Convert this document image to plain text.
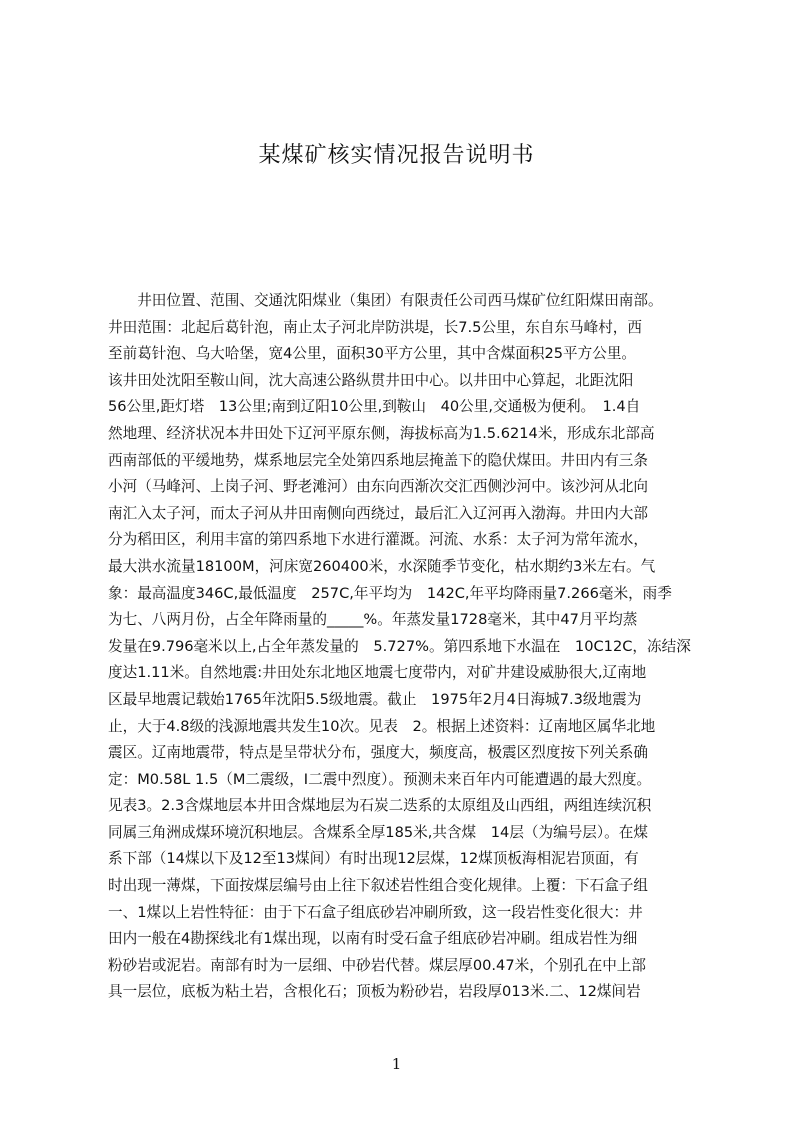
某煤矿核实情况报告说明书
　　井田位置、范围、交通沈阳煤业（集团）有限责任公司西马煤矿位红阳煤田南部。
井田范围：北起后葛针泡，南止太子河北岸防洪堤，长7.5公里，东自东马峰村，西
至前葛针泡、乌大哈堡，宽4公里，面积30平方公里，其中含煤面积25平方公里。
该井田处沈阳至鞍山间，沈大高速公路纵贯井田中心。以井田中心算起，北距沈阳
56公里,距灯塔　13公里;南到辽阳10公里,到鞍山　40公里,交通极为便利。　1.4自
然地理、经济状况本井田处下辽河平原东侧，海拔标高为1.5.6214米，形成东北部高
西南部低的平缓地势，煤系地层完全处第四系地层掩盖下的隐伏煤田。井田内有三条
小河（马峰河、上岗子河、野老滩河）由东向西渐次交汇西侧沙河中。该沙河从北向
南汇入太子河，而太子河从井田南侧向西绕过，最后汇入辽河再入渤海。井田内大部
分为稻田区，利用丰富的第四系地下水进行灌溉。河流、水系：太子河为常年流水，
最大洪水流量18100M，河床宽260400米，水深随季节变化，枯水期约3米左右。气
象：最高温度346C,最低温度　257C,年平均为　142C,年平均降雨量7.266毫米，雨季
为七、八两月份，占全年降雨量的_____%。年蒸发量1728毫米，其中47月平均蒸
发量在9.796毫米以上,占全年蒸发量的　5.727%。第四系地下水温在　10C12C，冻结深
度达1.11米。自然地震:井田处东北地区地震七度带内，对矿井建设威胁很大,辽南地
区最早地震记载始1765年沈阳5.5级地震。截止　1975年2月4日海城7.3级地震为
止，大于4.8级的浅源地震共发生10次。见表　2。根据上述资料：辽南地区属华北地
震区。辽南地震带，特点是呈带状分布，强度大，频度高，极震区烈度按下列关系确
定：M0.58L 1.5（M二震级，I二震中烈度）。预测未来百年内可能遭遇的最大烈度。
见表3。2.3含煤地层本井田含煤地层为石炭二迭系的太原组及山西组，两组连续沉积
同属三角洲成煤环境沉积地层。含煤系全厚185米,共含煤　14层（为编号层）。在煤
系下部（14煤以下及12至13煤间）有时出现12层煤，12煤顶板海相泥岩顶面，有
时出现一薄煤，下面按煤层编号由上往下叙述岩性组合变化规律。上覆：下石盒子组
一、1煤以上岩性特征：由于下石盒子组底砂岩冲刷所致，这一段岩性变化很大：井
田内一般在4勘探线北有1煤出现，以南有时受石盒子组底砂岩冲刷。组成岩性为细
粉砂岩或泥岩。南部有时为一层细、中砂岩代替。煤层厚00.47米，个别孔在中上部
具一层位，底板为粘土岩，含根化石；顶板为粉砂岩，岩段厚013米.二、12煤间岩
1
